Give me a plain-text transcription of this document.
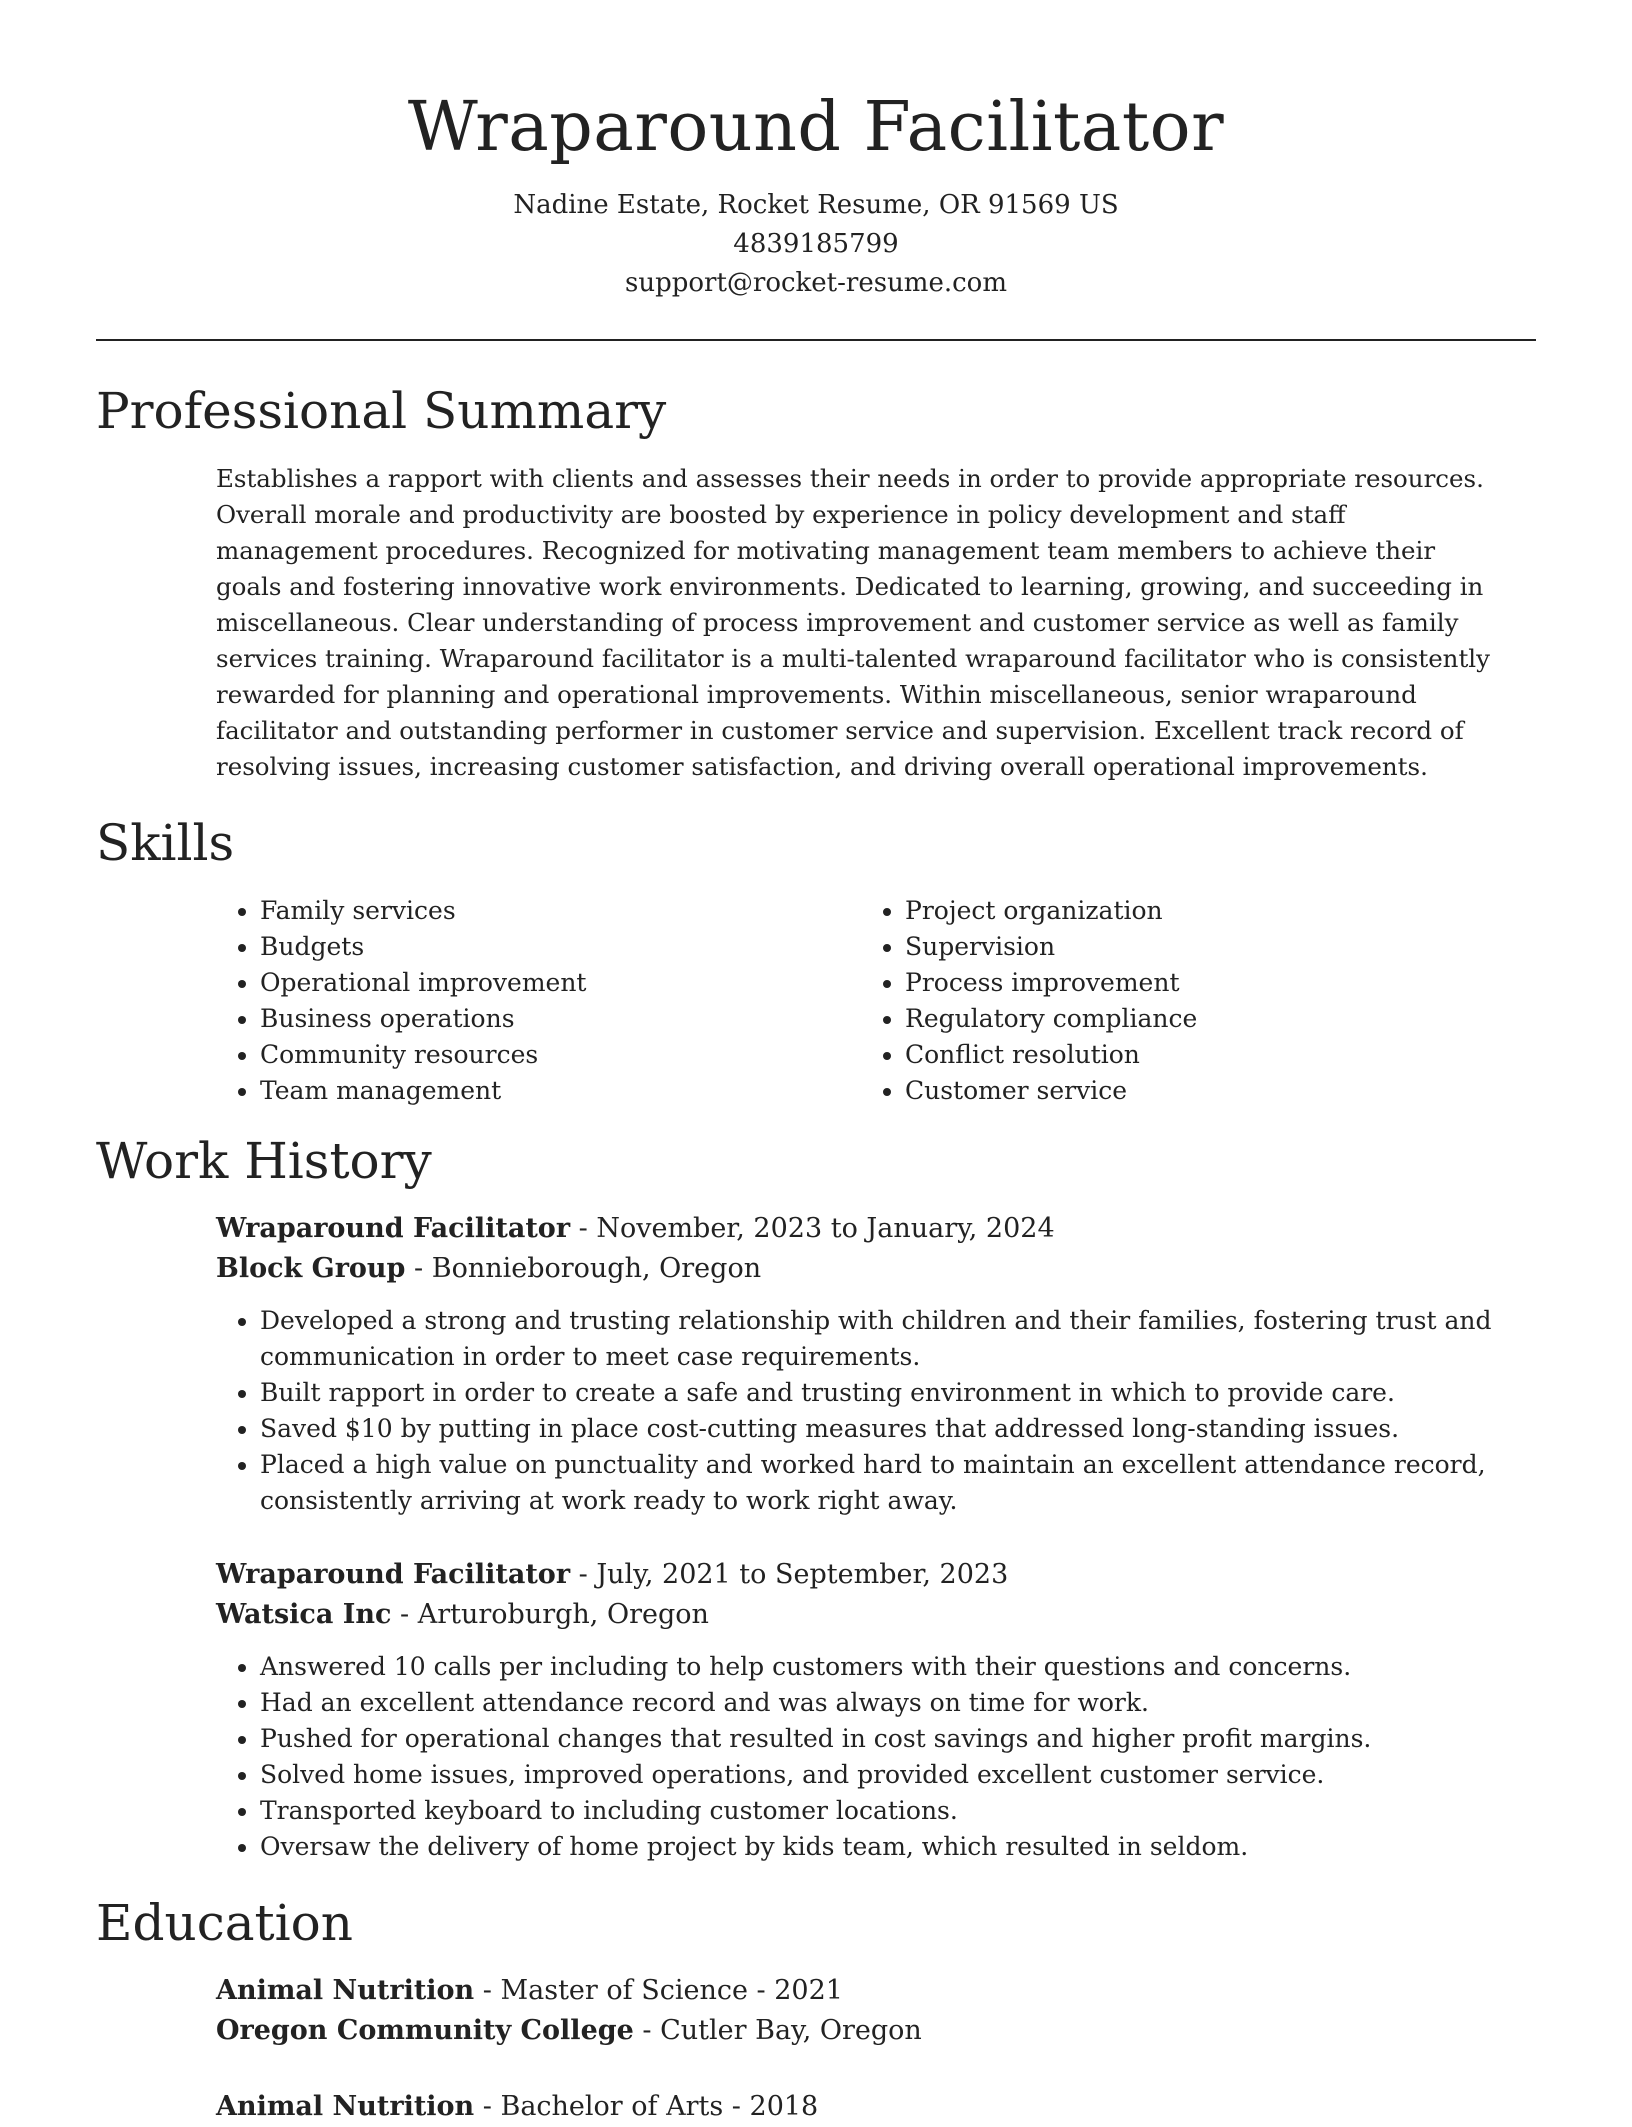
Wraparound Facilitator
Nadine Estate, Rocket Resume, OR 91569 US
4839185799
support@rocket-resume.com
Professional Summary

Establishes a rapport with clients and assesses their needs in order to provide appropriate resources. Overall morale and productivity are boosted by experience in policy development and staff management procedures. Recognized for motivating management team members to achieve their goals and fostering innovative work environments. Dedicated to learning, growing, and succeeding in miscellaneous. Clear understanding of process improvement and customer service as well as family services training. Wraparound facilitator is a multi-talented wraparound facilitator who is consistently rewarded for planning and operational improvements. Within miscellaneous, senior wraparound facilitator and outstanding performer in customer service and supervision. Excellent track record of resolving issues, increasing customer satisfaction, and driving overall operational improvements.

Skills
• Family services
• Budgets
• Operational improvement
• Business operations
• Community resources
• Team management
• Project organization
• Supervision
• Process improvement
• Regulatory compliance
• Conflict resolution
• Customer service
Work History
Wraparound Facilitator - November, 2023 to January, 2024
Block Group - Bonnieborough, Oregon
• Developed a strong and trusting relationship with children and their families, fostering trust and communication in order to meet case requirements.
• Built rapport in order to create a safe and trusting environment in which to provide care.
• Saved $10 by putting in place cost-cutting measures that addressed long-standing issues.
• Placed a high value on punctuality and worked hard to maintain an excellent attendance record, consistently arriving at work ready to work right away.
Wraparound Facilitator - July, 2021 to September, 2023
Watsica Inc - Arturoburgh, Oregon
• Answered 10 calls per including to help customers with their questions and concerns.
• Had an excellent attendance record and was always on time for work.
• Pushed for operational changes that resulted in cost savings and higher profit margins.
• Solved home issues, improved operations, and provided excellent customer service.
• Transported keyboard to including customer locations.
• Oversaw the delivery of home project by kids team, which resulted in seldom.
Education
Animal Nutrition - Master of Science - 2021
Oregon Community College - Cutler Bay, Oregon
Animal Nutrition - Bachelor of Arts - 2018
